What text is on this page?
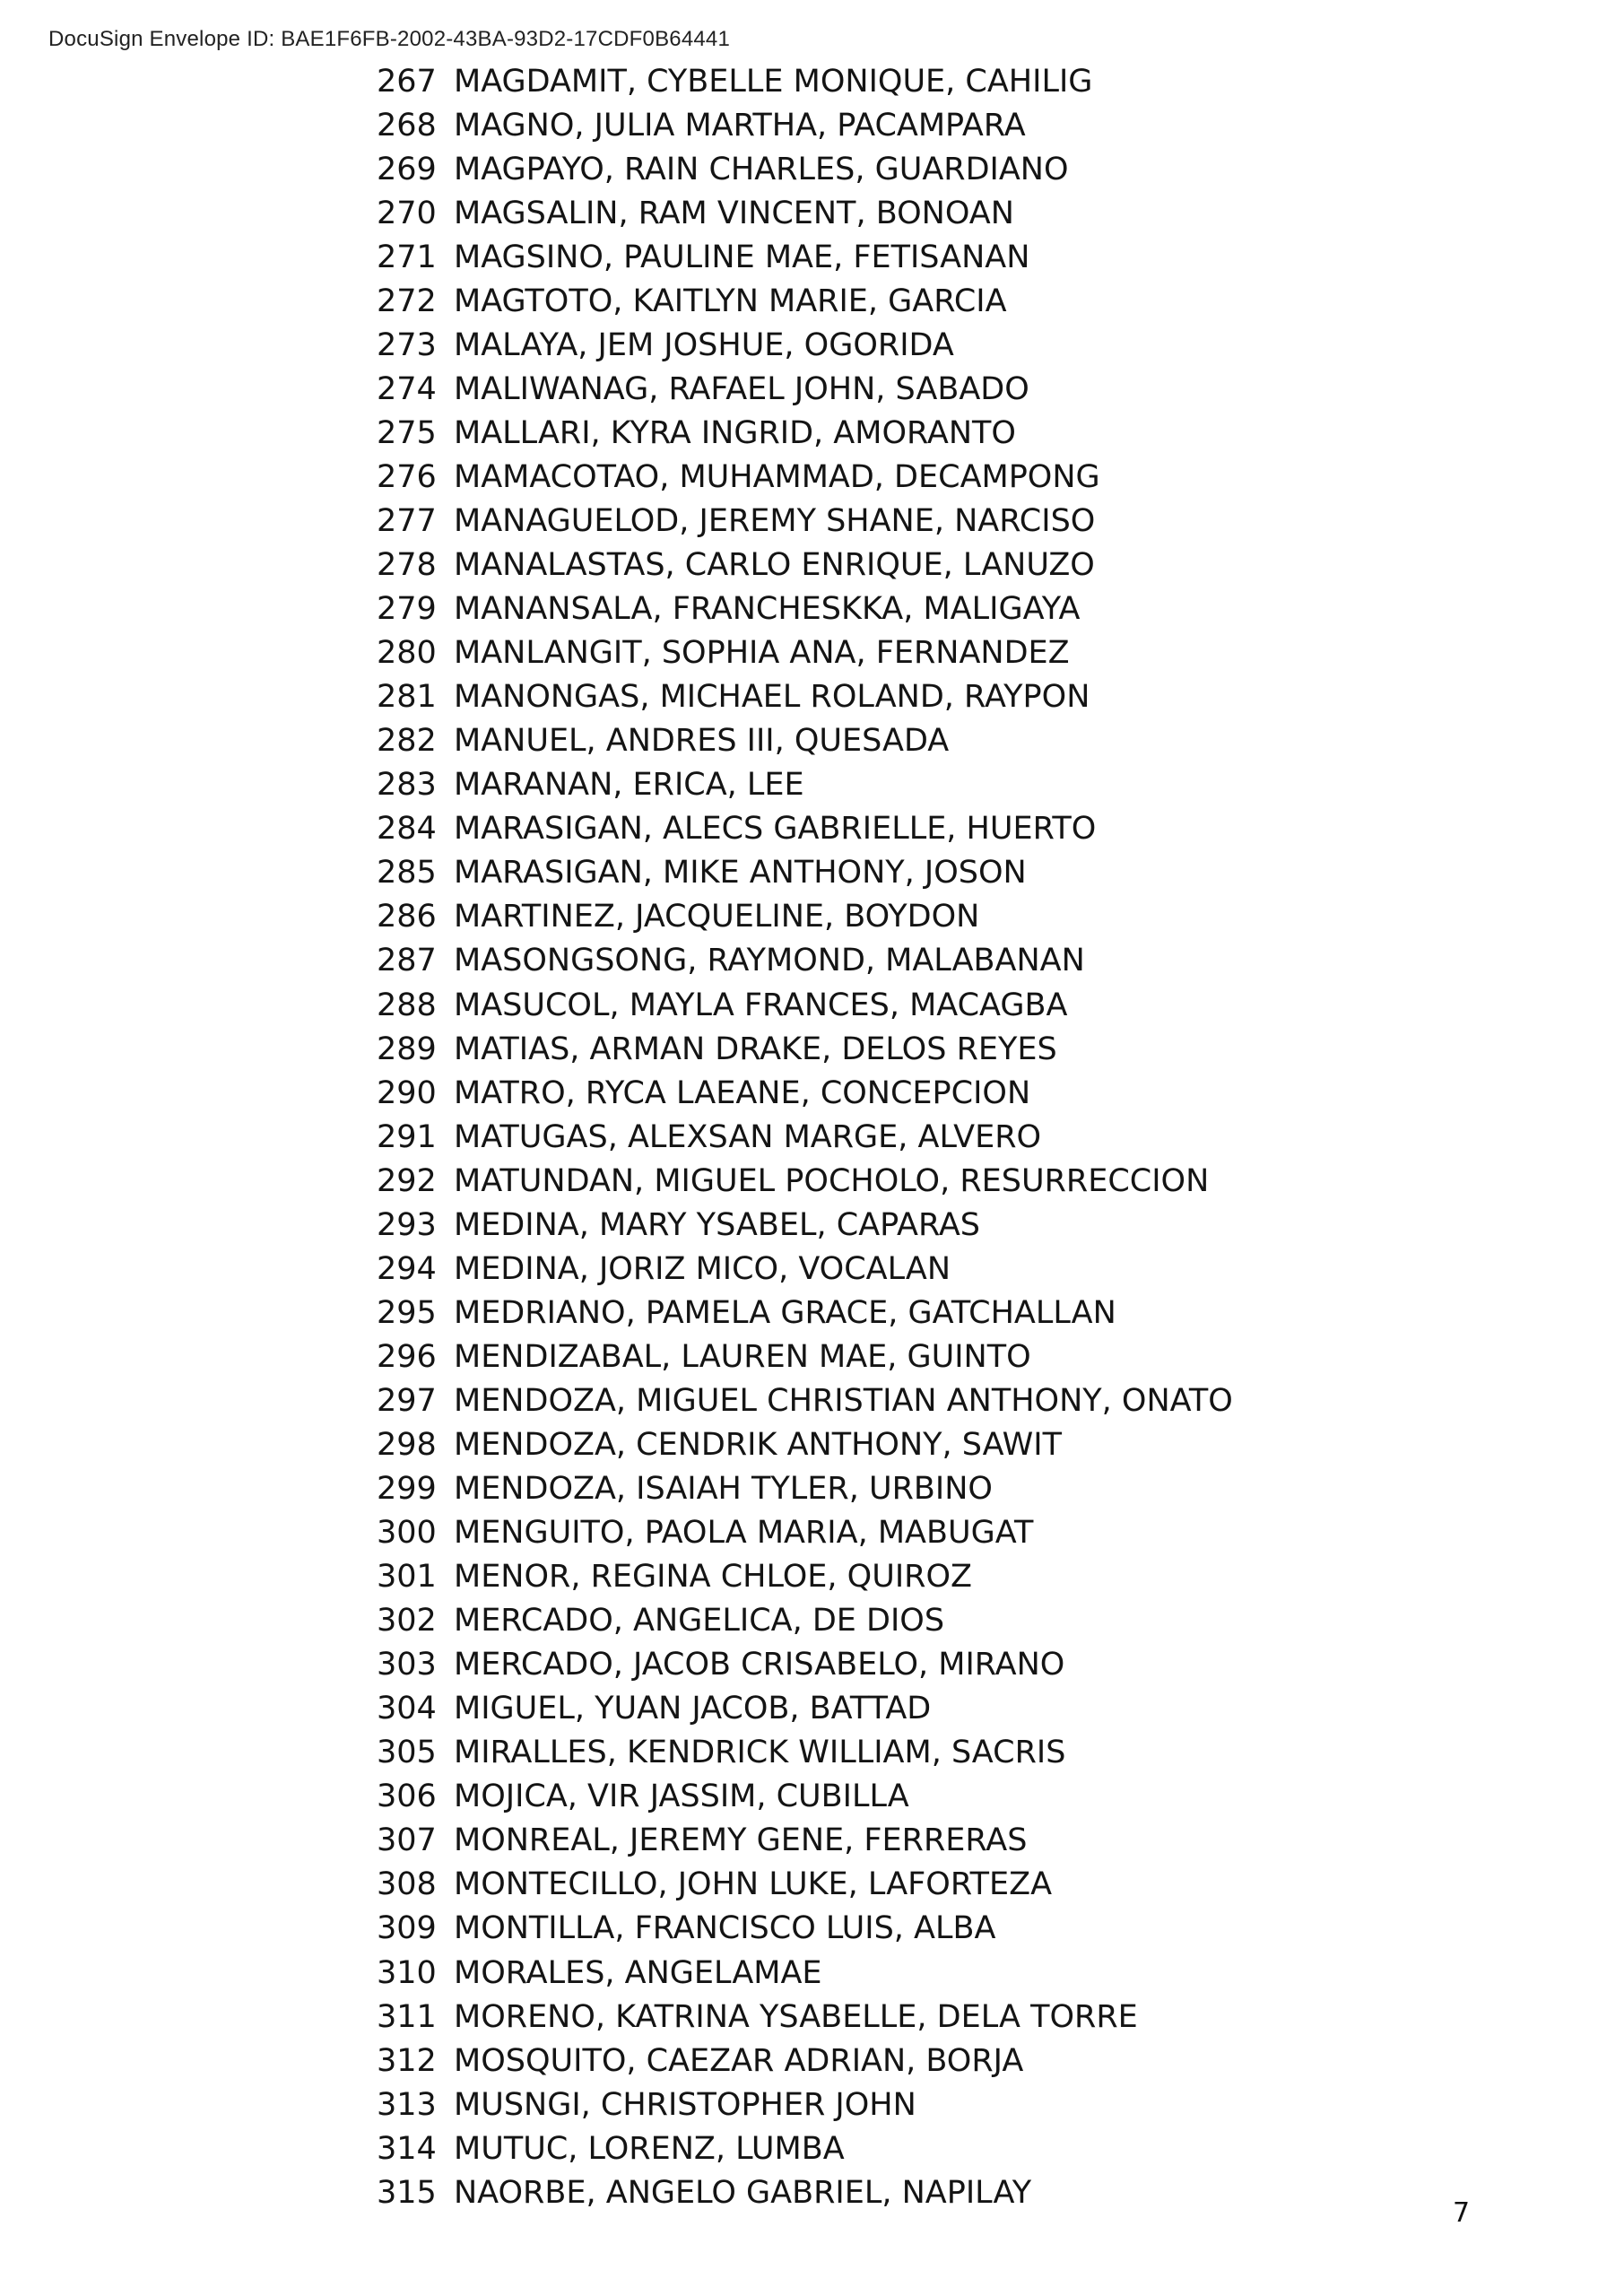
DocuSign Envelope ID: BAE1F6FB-2002-43BA-93D2-17CDF0B64441
267 MAGDAMIT, CYBELLE MONIQUE, CAHILIG
268 MAGNO, JULIA MARTHA, PACAMPARA
269 MAGPAYO, RAIN CHARLES, GUARDIANO
270 MAGSALIN, RAM VINCENT, BONOAN
271 MAGSINO, PAULINE MAE, FETISANAN
272 MAGTOTO, KAITLYN MARIE, GARCIA
273 MALAYA, JEM JOSHUE, OGORIDA
274 MALIWANAG, RAFAEL JOHN, SABADO
275 MALLARI, KYRA INGRID, AMORANTO
276 MAMACOTAO, MUHAMMAD, DECAMPONG
277 MANAGUELOD, JEREMY SHANE, NARCISO
278 MANALASTAS, CARLO ENRIQUE, LANUZO
279 MANANSALA, FRANCHESKKA, MALIGAYA
280 MANLANGIT, SOPHIA ANA, FERNANDEZ
281 MANONGAS, MICHAEL ROLAND, RAYPON
282 MANUEL, ANDRES III, QUESADA
283 MARANAN, ERICA, LEE
284 MARASIGAN, ALECS GABRIELLE, HUERTO
285 MARASIGAN, MIKE ANTHONY, JOSON
286 MARTINEZ, JACQUELINE, BOYDON
287 MASONGSONG, RAYMOND, MALABANAN
288 MASUCOL, MAYLA FRANCES, MACAGBA
289 MATIAS, ARMAN DRAKE, DELOS REYES
290 MATRO, RYCA LAEANE, CONCEPCION
291 MATUGAS, ALEXSAN MARGE, ALVERO
292 MATUNDAN, MIGUEL POCHOLO, RESURRECCION
293 MEDINA, MARY YSABEL, CAPARAS
294 MEDINA, JORIZ MICO, VOCALAN
295 MEDRIANO, PAMELA GRACE, GATCHALLAN
296 MENDIZABAL, LAUREN MAE, GUINTO
297 MENDOZA, MIGUEL CHRISTIAN ANTHONY, ONATO
298 MENDOZA, CENDRIK ANTHONY, SAWIT
299 MENDOZA, ISAIAH TYLER, URBINO
300 MENGUITO, PAOLA MARIA, MABUGAT
301 MENOR, REGINA CHLOE, QUIROZ
302 MERCADO, ANGELICA, DE DIOS
303 MERCADO, JACOB CRISABELO, MIRANO
304 MIGUEL, YUAN JACOB, BATTAD
305 MIRALLES, KENDRICK WILLIAM, SACRIS
306 MOJICA, VIR JASSIM, CUBILLA
307 MONREAL, JEREMY GENE, FERRERAS
308 MONTECILLO, JOHN LUKE, LAFORTEZA
309 MONTILLA, FRANCISCO LUIS, ALBA
310 MORALES, ANGELAMAE
311 MORENO, KATRINA YSABELLE, DELA TORRE
312 MOSQUITO, CAEZAR ADRIAN, BORJA
313 MUSNGI, CHRISTOPHER JOHN
314 MUTUC, LORENZ, LUMBA
315 NAORBE, ANGELO GABRIEL, NAPILAY
7
